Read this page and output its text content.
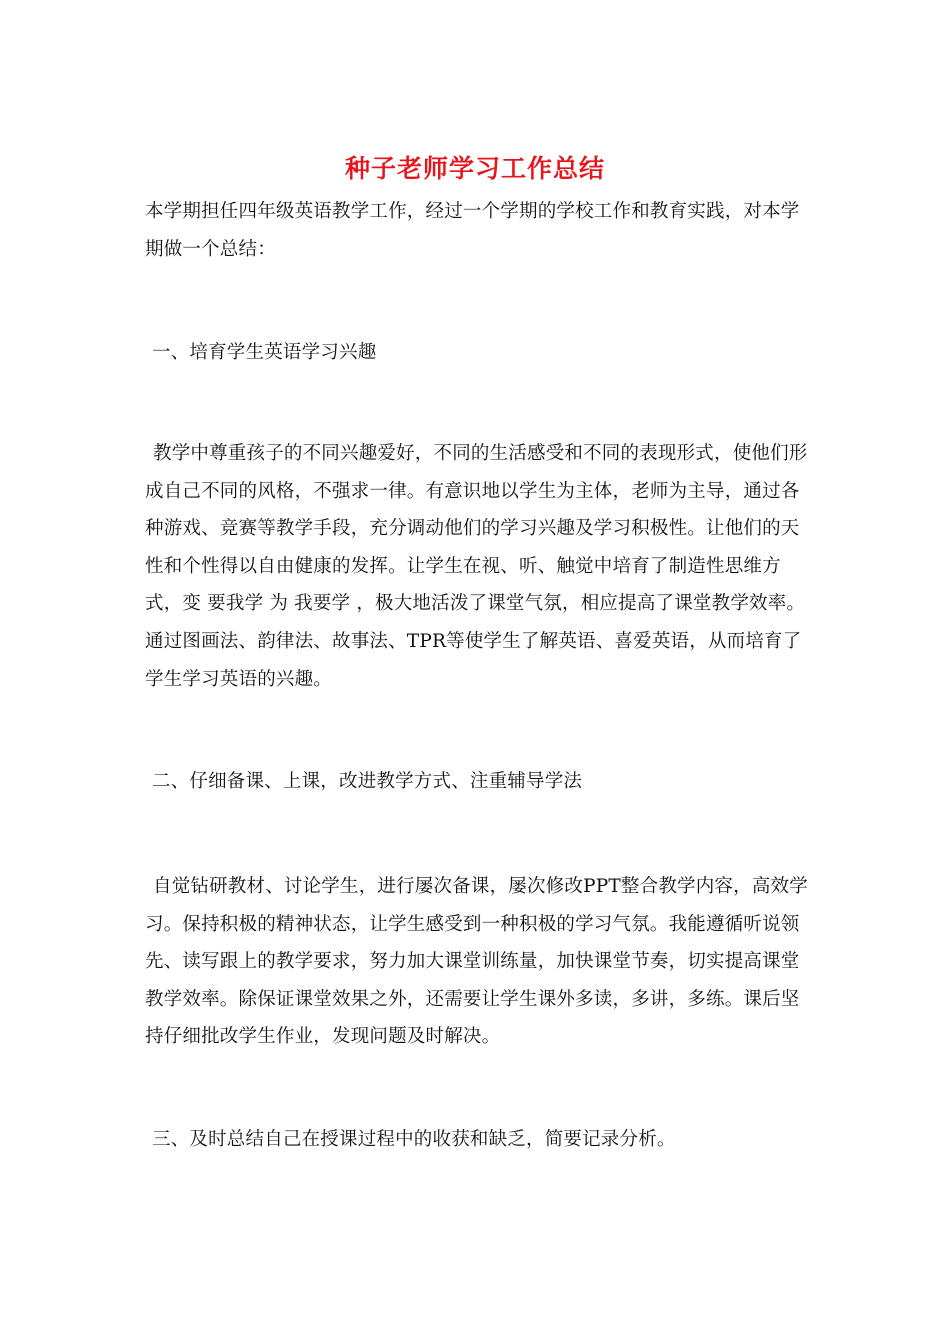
种子老师学习工作总结
本学期担任四年级英语教学工作，经过一个学期的学校工作和教育实践，对本学期做一个总结：
一、培育学生英语学习兴趣
教学中尊重孩子的不同兴趣爱好，不同的生活感受和不同的表现形式，使他们形成自己不同的风格，不强求一律。有意识地以学生为主体，老师为主导，通过各种游戏、竞赛等教学手段，充分调动他们的学习兴趣及学习积极性。让他们的天性和个性得以自由健康的发挥。让学生在视、听、触觉中培育了制造性思维方式，变 要我学 为 我要学 ，极大地活泼了课堂气氛，相应提高了课堂教学效率。通过图画法、韵律法、故事法、TPR等使学生了解英语、喜爱英语，从而培育了学生学习英语的兴趣。
二、仔细备课、上课，改进教学方式、注重辅导学法
自觉钻研教材、讨论学生，进行屡次备课，屡次修改PPT整合教学内容，高效学习。保持积极的精神状态，让学生感受到一种积极的学习气氛。我能遵循听说领先、读写跟上的教学要求，努力加大课堂训练量，加快课堂节奏，切实提高课堂教学效率。除保证课堂效果之外，还需要让学生课外多读，多讲，多练。课后坚持仔细批改学生作业，发现问题及时解决。
三、及时总结自己在授课过程中的收获和缺乏，简要记录分析。
